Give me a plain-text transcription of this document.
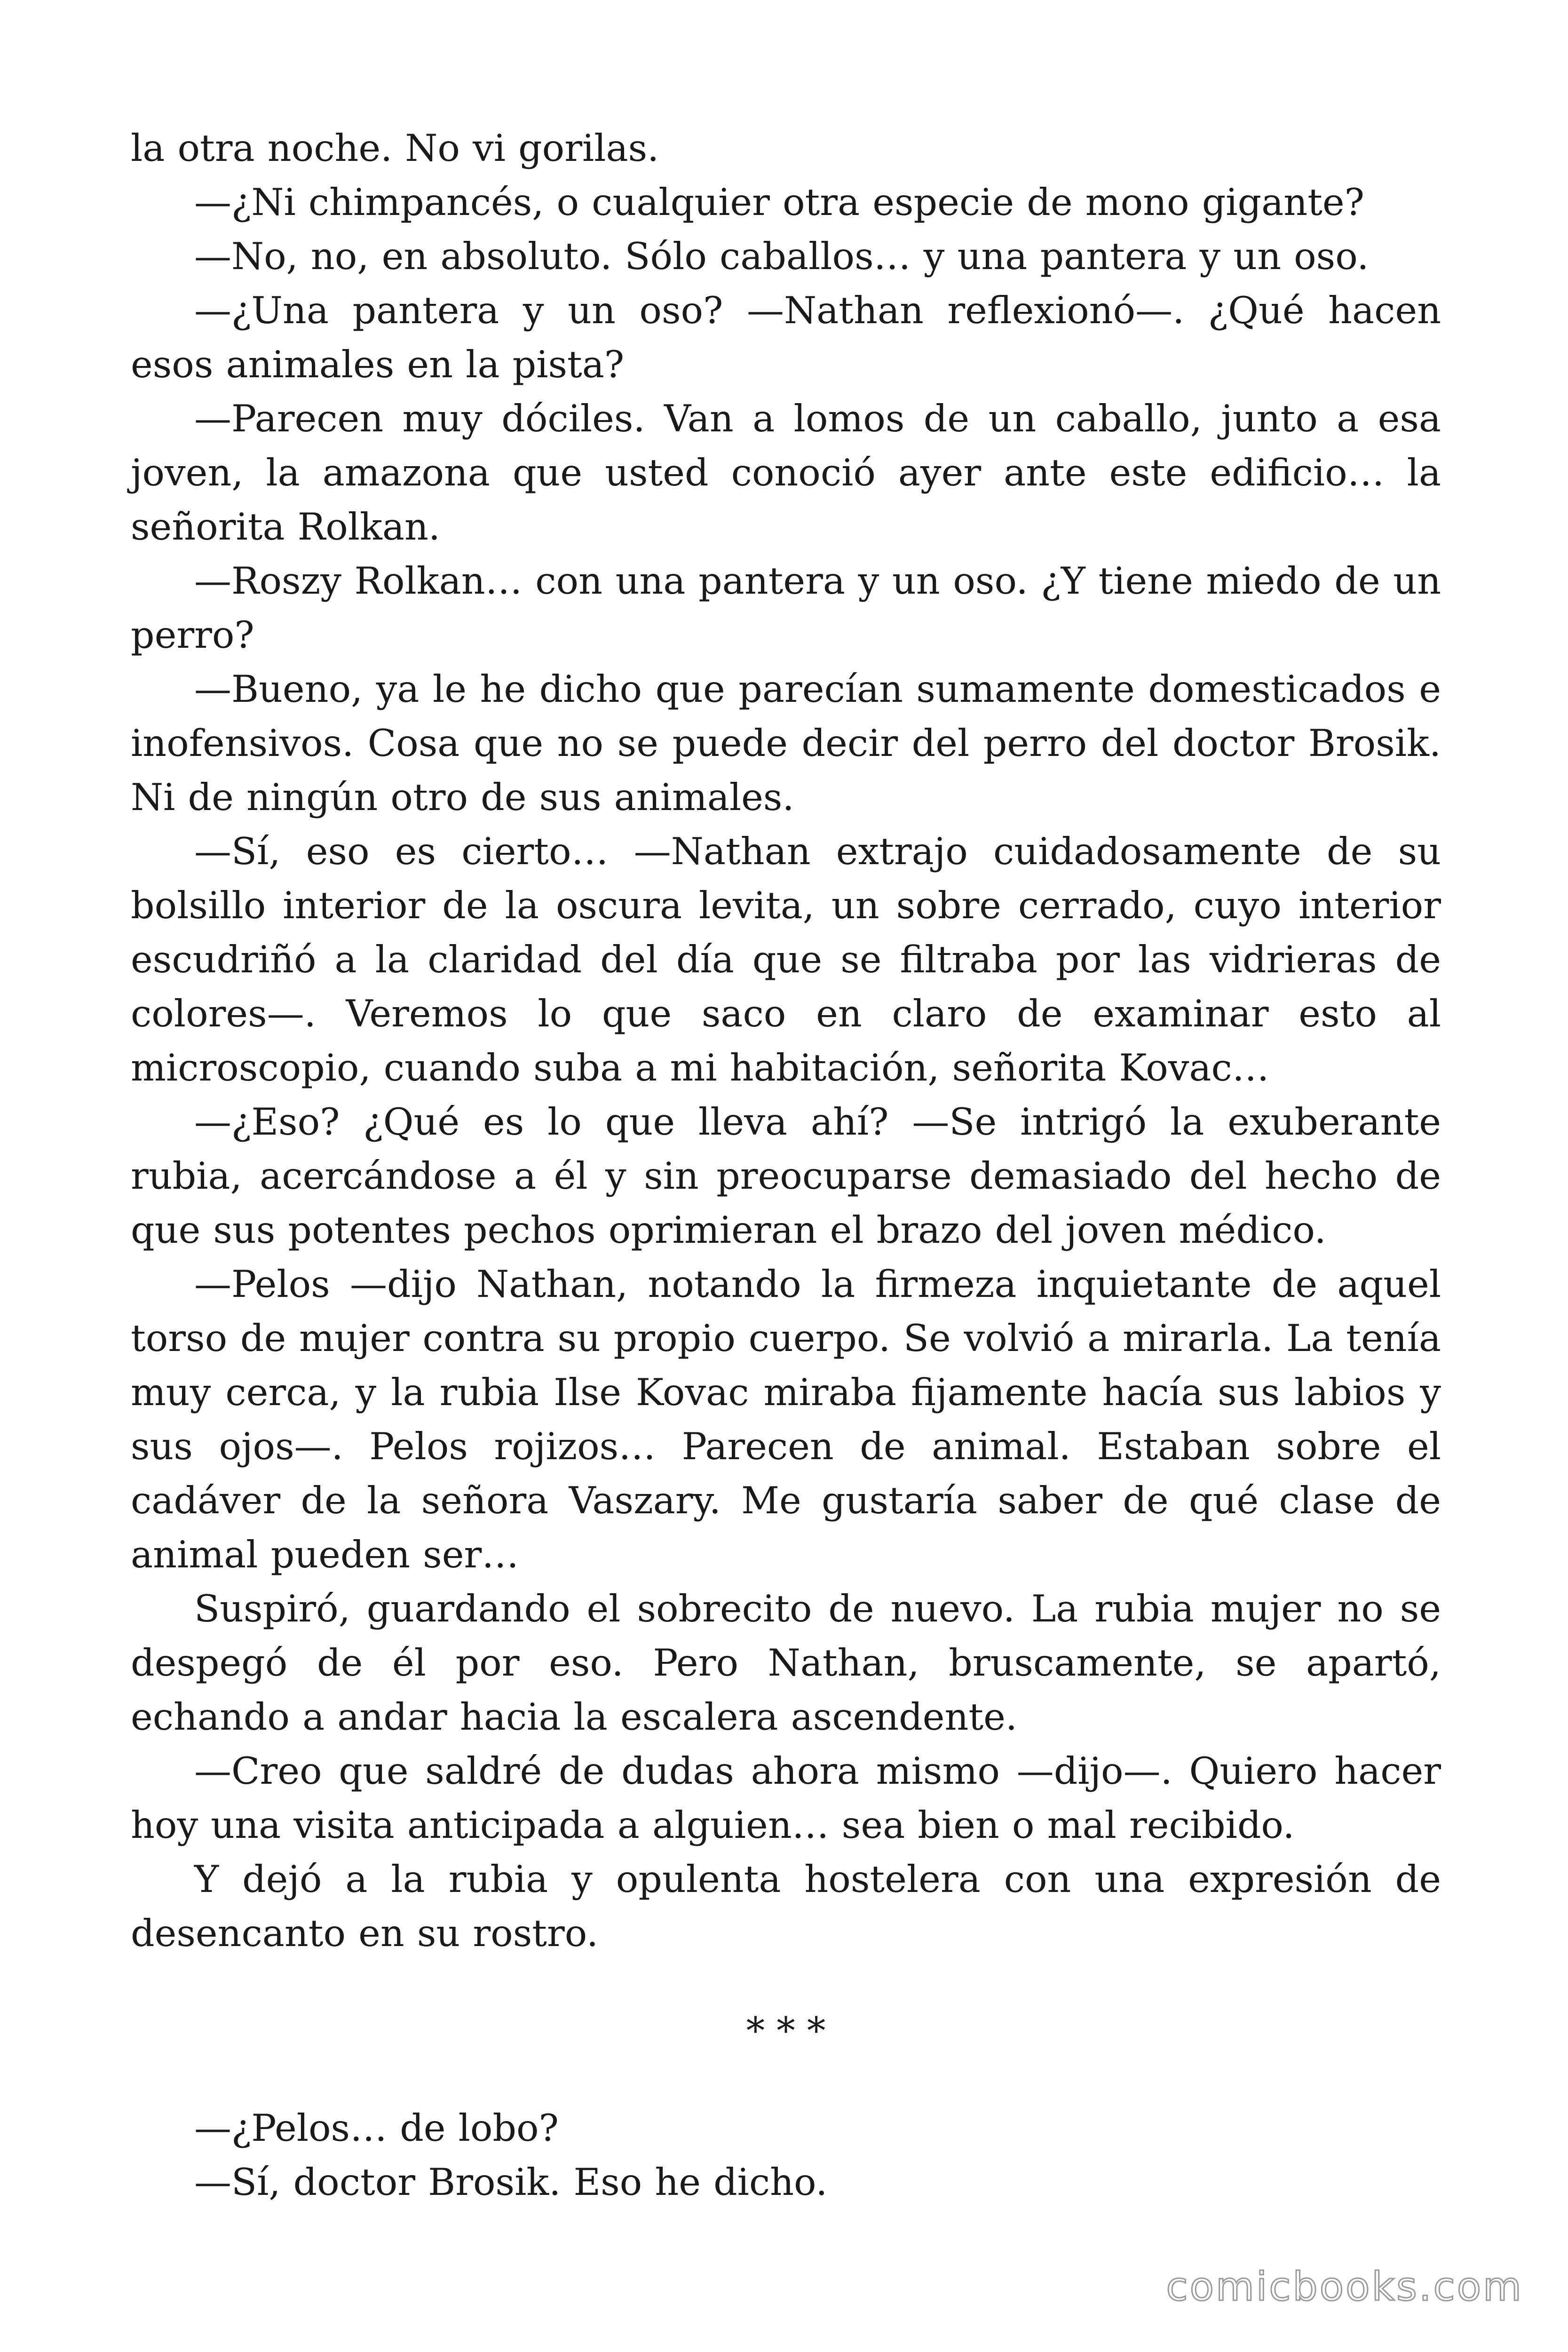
la otra noche. No vi gorilas.

—¿Ni chimpancés, o cualquier otra especie de mono gigante?

—No, no, en absoluto. Sólo caballos… y una pantera y un oso.

—¿Una pantera y un oso? —Nathan reflexionó—. ¿Qué hacen esos animales en la pista?

—Parecen muy dóciles. Van a lomos de un caballo, junto a esa joven, la amazona que usted conoció ayer ante este edificio… la señorita Rolkan.

—Roszy Rolkan… con una pantera y un oso. ¿Y tiene miedo de un perro?

—Bueno, ya le he dicho que parecían sumamente domesticados e inofensivos. Cosa que no se puede decir del perro del doctor Brosik. Ni de ningún otro de sus animales.

—Sí, eso es cierto… —Nathan extrajo cuidadosamente de su bolsillo interior de la oscura levita, un sobre cerrado, cuyo interior escudriñó a la claridad del día que se filtraba por las vidrieras de colores—. Veremos lo que saco en claro de examinar esto al microscopio, cuando suba a mi habitación, señorita Kovac…

—¿Eso? ¿Qué es lo que lleva ahí? —Se intrigó la exuberante rubia, acercándose a él y sin preocuparse demasiado del hecho de que sus potentes pechos oprimieran el brazo del joven médico.

—Pelos —dijo Nathan, notando la firmeza inquietante de aquel torso de mujer contra su propio cuerpo. Se volvió a mirarla. La tenía muy cerca, y la rubia Ilse Kovac miraba fijamente hacía sus labios y sus ojos—. Pelos rojizos… Parecen de animal. Estaban sobre el cadáver de la señora Vaszary. Me gustaría saber de qué clase de animal pueden ser…

Suspiró, guardando el sobrecito de nuevo. La rubia mujer no se despegó de él por eso. Pero Nathan, bruscamente, se apartó, echando a andar hacia la escalera ascendente.

—Creo que saldré de dudas ahora mismo —dijo—. Quiero hacer hoy una visita anticipada a alguien… sea bien o mal recibido.

Y dejó a la rubia y opulenta hostelera con una expresión de desencanto en su rostro.

* * *

—¿Pelos… de lobo?

—Sí, doctor Brosik. Eso he dicho.

comicbooks.com
